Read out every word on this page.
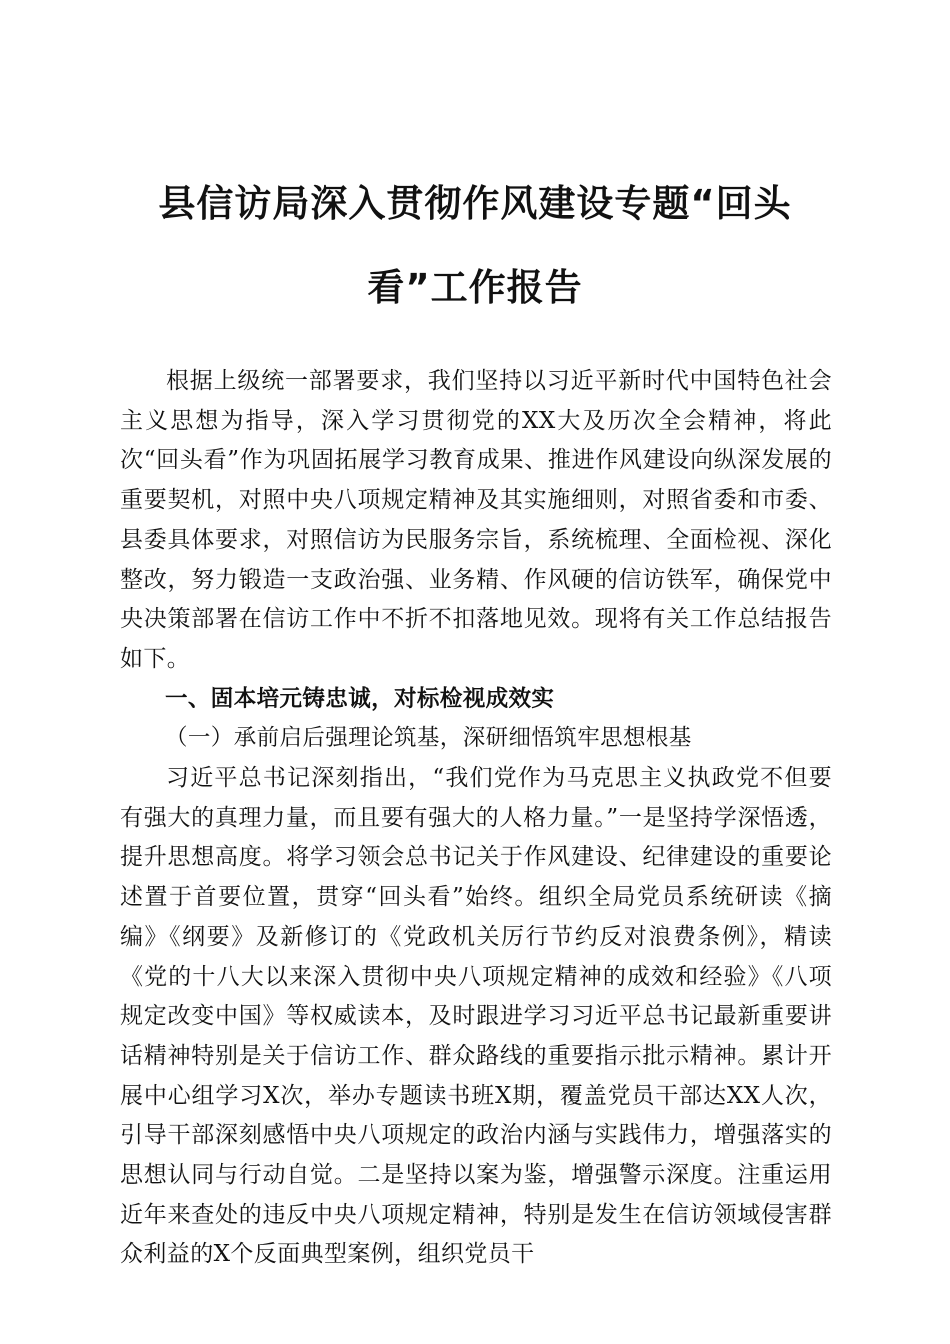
县信访局深入贯彻作风建设专题“回头看”工作报告

根据上级统一部署要求，我们坚持以习近平新时代中国特色社会主义思想为指导，深入学习贯彻党的XX大及历次全会精神，将此次“回头看”作为巩固拓展学习教育成果、推进作风建设向纵深发展的重要契机，对照中央八项规定精神及其实施细则，对照省委和市委、县委具体要求，对照信访为民服务宗旨，系统梳理、全面检视、深化整改，努力锻造一支政治强、业务精、作风硬的信访铁军，确保党中央决策部署在信访工作中不折不扣落地见效。现将有关工作总结报告如下。

一、固本培元铸忠诚，对标检视成效实

（一）承前启后强理论筑基，深研细悟筑牢思想根基

习近平总书记深刻指出，“我们党作为马克思主义执政党不但要有强大的真理力量，而且要有强大的人格力量。”一是坚持学深悟透，提升思想高度。将学习领会总书记关于作风建设、纪律建设的重要论述置于首要位置，贯穿“回头看”始终。组织全局党员系统研读《摘编》《纲要》及新修订的《党政机关厉行节约反对浪费条例》，精读《党的十八大以来深入贯彻中央八项规定精神的成效和经验》《八项规定改变中国》等权威读本，及时跟进学习习近平总书记最新重要讲话精神特别是关于信访工作、群众路线的重要指示批示精神。累计开展中心组学习X次，举办专题读书班X期，覆盖党员干部达XX人次，引导干部深刻感悟中央八项规定的政治内涵与实践伟力，增强落实的思想认同与行动自觉。二是坚持以案为鉴，增强警示深度。注重运用近年来查处的违反中央八项规定精神，特别是发生在信访领域侵害群众利益的X个反面典型案例，组织党员干
